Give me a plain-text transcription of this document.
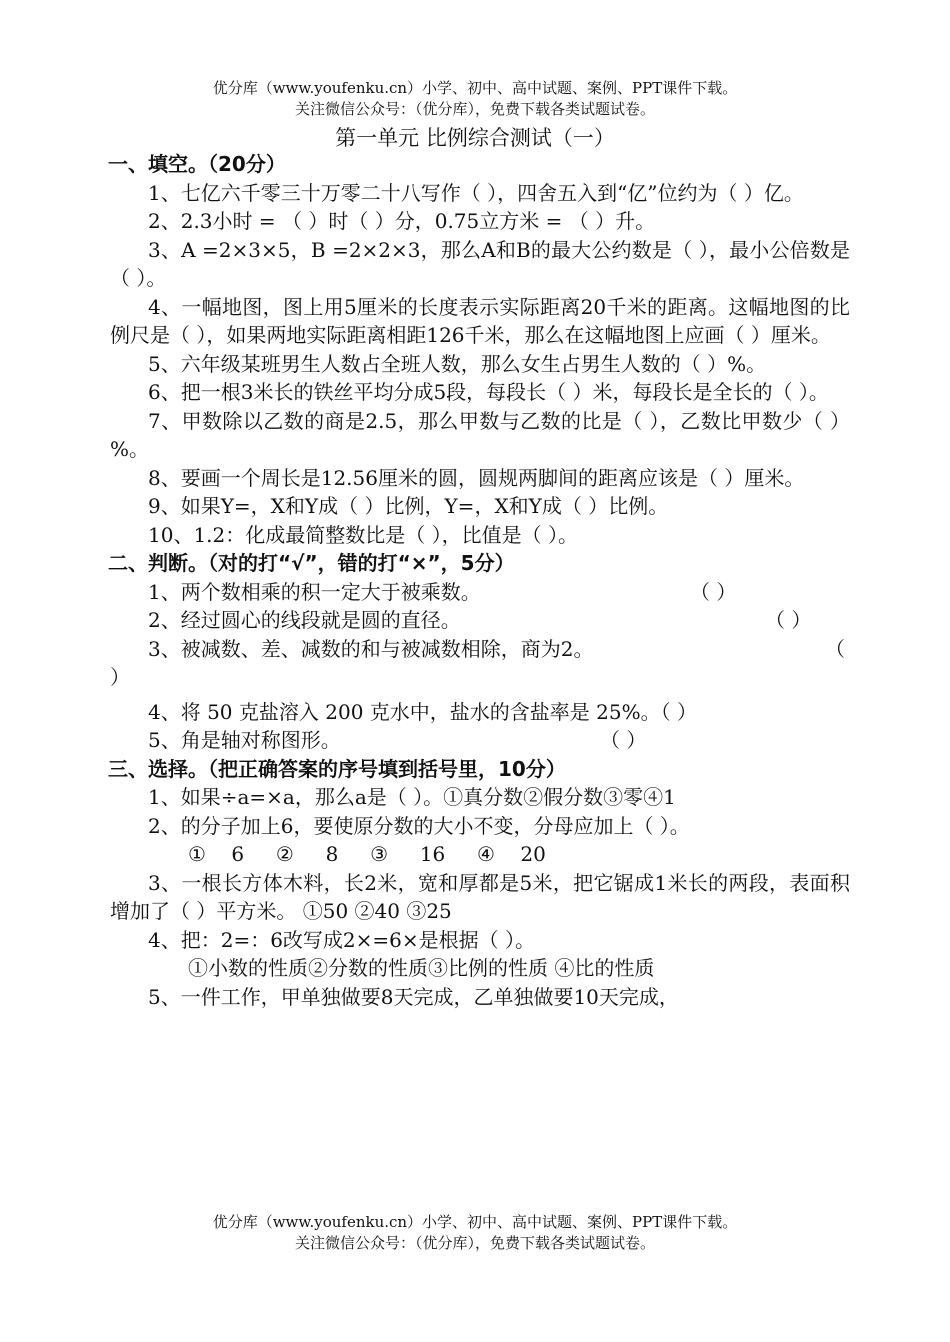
优分库（www.youfenku.cn）小学、初中、高中试题、案例、PPT课件下载。
关注微信公众号：（优分库），免费下载各类试题试卷。
第一单元 比例综合测试（一）
一、填空。（20分）
1、七亿六千零三十万零二十八写作（ ），四舍五入到“亿”位约为（ ）亿。
2、2.3小时 = （ ）时（ ）分，0.75立方米 = （ ）升。
3、A =2×3×5，B =2×2×3，那么A和B的最大公约数是（ ），最小公倍数是（ ）。
4、一幅地图，图上用5厘米的长度表示实际距离20千米的距离。这幅地图的比例尺是（ ），如果两地实际距离相距126千米，那么在这幅地图上应画（ ）厘米。
5、六年级某班男生人数占全班人数，那么女生占男生人数的（ ）%。
6、把一根3米长的铁丝平均分成5段，每段长（ ）米，每段长是全长的（ ）。
7、甲数除以乙数的商是2.5，那么甲数与乙数的比是（ ），乙数比甲数少（ ）%。
8、要画一个周长是12.56厘米的圆，圆规两脚间的距离应该是（ ）厘米。
9、如果Y=，X和Y成（ ）比例，Y=，X和Y成（ ）比例。
10、1.2：化成最简整数比是（ ），比值是（ ）。
二、判断。（对的打“√”，错的打“×”，5分）
1、两个数相乘的积一定大于被乘数。	（ ）
2、经过圆心的线段就是圆的直径。	（ ）
3、被减数、差、减数的和与被减数相除，商为2。	（
）
4、将 50 克盐溶入 200 克水中，盐水的含盐率是 25%。（ ）
5、角是轴对称图形。	（ ）
三、选择。（把正确答案的序号填到括号里，10分）
1、如果÷a=×a，那么a是（ ）。①真分数②假分数③零④1
2、的分子加上6，要使原分数的大小不变，分母应加上（ ）。
①    6     ②     8     ③     16     ④    20
3、一根长方体木料，长2米，宽和厚都是5米，把它锯成1米长的两段，表面积增加了（ ）平方米。 ①50 ②40 ③25
4、把：2=：6改写成2×=6×是根据（ ）。
①小数的性质②分数的性质③比例的性质 ④比的性质
5、一件工作，甲单独做要8天完成，乙单独做要10天完成，
优分库（www.youfenku.cn）小学、初中、高中试题、案例、PPT课件下载。
关注微信公众号：（优分库），免费下载各类试题试卷。
